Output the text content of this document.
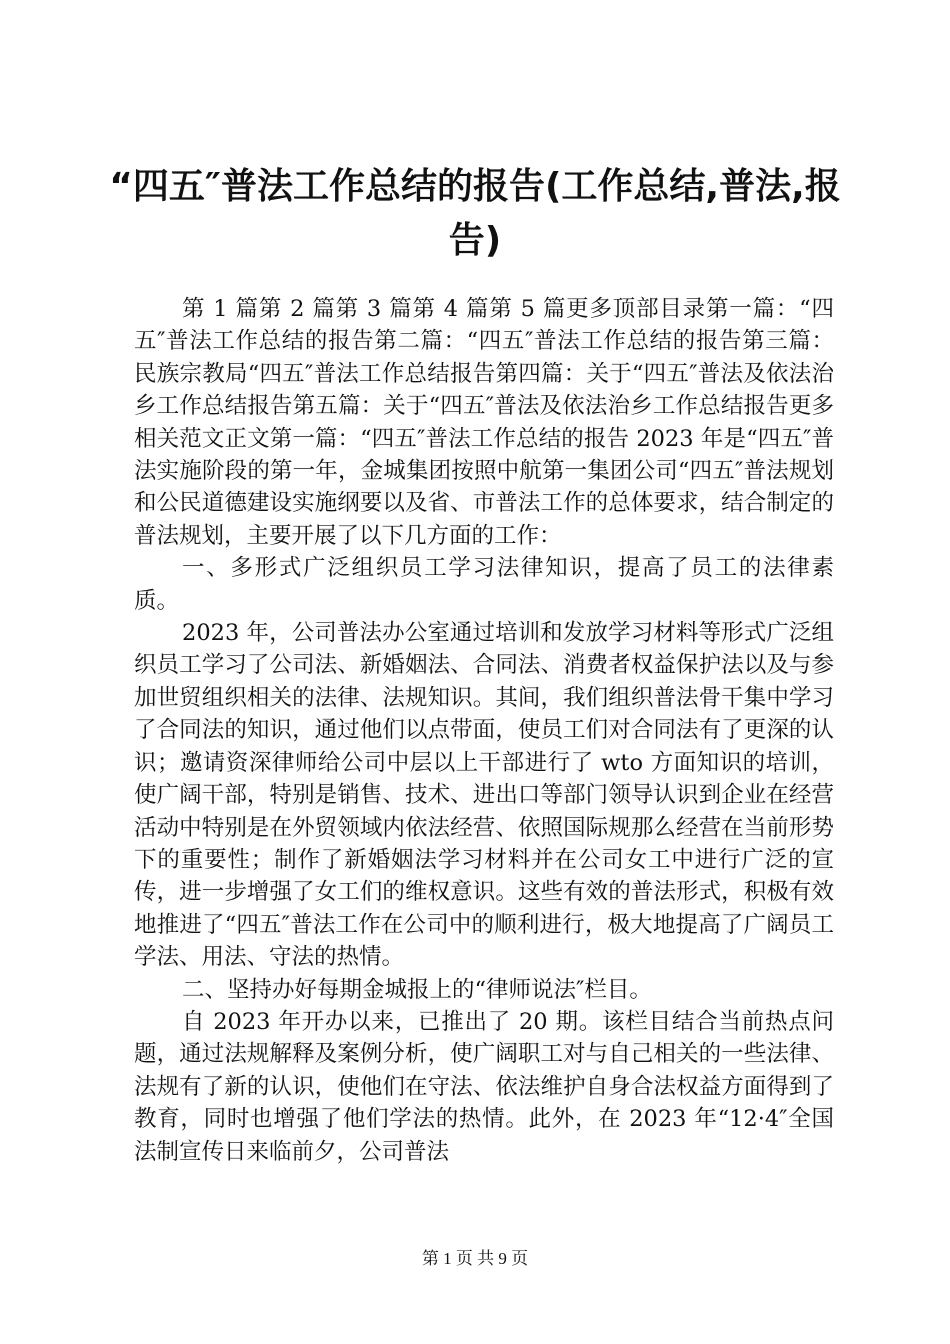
“四五″普法工作总结的报告(工作总结,普法,报告)

第 1 篇第 2 篇第 3 篇第 4 篇第 5 篇更多顶部目录第一篇：“四五″普法工作总结的报告第二篇：“四五″普法工作总结的报告第三篇：民族宗教局“四五″普法工作总结报告第四篇：关于“四五″普法及依法治乡工作总结报告第五篇：关于“四五″普法及依法治乡工作总结报告更多相关范文正文第一篇：“四五″普法工作总结的报告 2023 年是“四五″普法实施阶段的第一年，金城集团按照中航第一集团公司“四五″普法规划和公民道德建设实施纲要以及省、市普法工作的总体要求，结合制定的普法规划，主要开展了以下几方面的工作：

一、多形式广泛组织员工学习法律知识，提高了员工的法律素质。

2023 年，公司普法办公室通过培训和发放学习材料等形式广泛组织员工学习了公司法、新婚姻法、合同法、消费者权益保护法以及与参加世贸组织相关的法律、法规知识。其间，我们组织普法骨干集中学习了合同法的知识，通过他们以点带面，使员工们对合同法有了更深的认识；邀请资深律师给公司中层以上干部进行了 wto 方面知识的培训，使广阔干部，特别是销售、技术、进出口等部门领导认识到企业在经营活动中特别是在外贸领域内依法经营、依照国际规那么经营在当前形势下的重要性；制作了新婚姻法学习材料并在公司女工中进行广泛的宣传，进一步增强了女工们的维权意识。这些有效的普法形式，积极有效地推进了“四五″普法工作在公司中的顺利进行，极大地提高了广阔员工学法、用法、守法的热情。

二、坚持办好每期金城报上的“律师说法″栏目。

自 2023 年开办以来，已推出了 20 期。该栏目结合当前热点问题，通过法规解释及案例分析，使广阔职工对与自己相关的一些法律、法规有了新的认识，使他们在守法、依法维护自身合法权益方面得到了教育，同时也增强了他们学法的热情。此外，在 2023 年“12·4″全国法制宣传日来临前夕，公司普法

第 1 页 共 9 页
